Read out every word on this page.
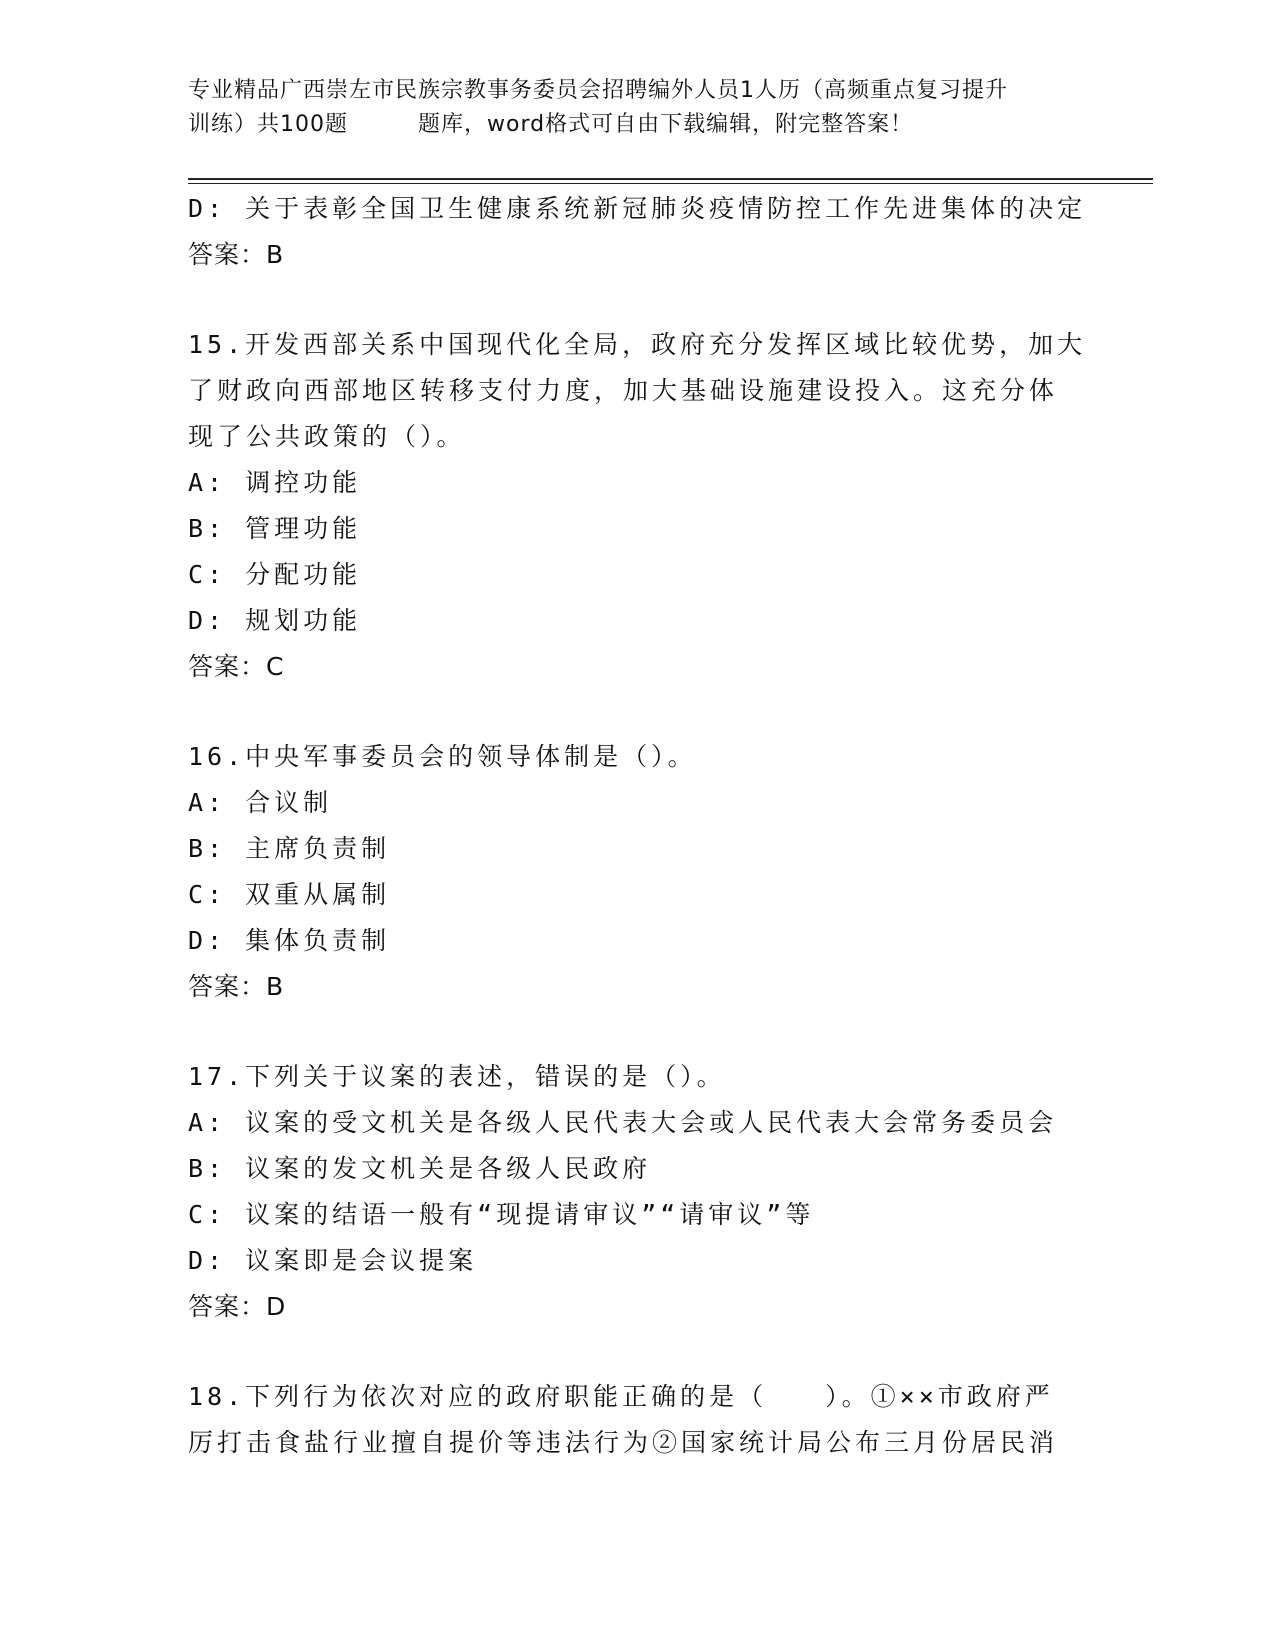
专业精品广西崇左市民族宗教事务委员会招聘编外人员1人历（高频重点复习提升
训练）共100题	题库，word格式可自由下载编辑，附完整答案！
D: 关于表彰全国卫生健康系统新冠肺炎疫情防控工作先进集体的决定
答案：B
15.开发西部关系中国现代化全局，政府充分发挥区域比较优势，加大
了财政向西部地区转移支付力度，加大基础设施建设投入。这充分体
现了公共政策的（）。
A: 调控功能
B: 管理功能
C: 分配功能
D: 规划功能
答案：C
16.中央军事委员会的领导体制是（）。
A: 合议制
B: 主席负责制
C: 双重从属制
D: 集体负责制
答案：B
17.下列关于议案的表述，错误的是（）。
A: 议案的受文机关是各级人民代表大会或人民代表大会常务委员会
B: 议案的发文机关是各级人民政府
C: 议案的结语一般有“现提请审议”“请审议”等
D: 议案即是会议提案
答案：D
18.下列行为依次对应的政府职能正确的是（　　）。①××市政府严
厉打击食盐行业擅自提价等违法行为②国家统计局公布三月份居民消
